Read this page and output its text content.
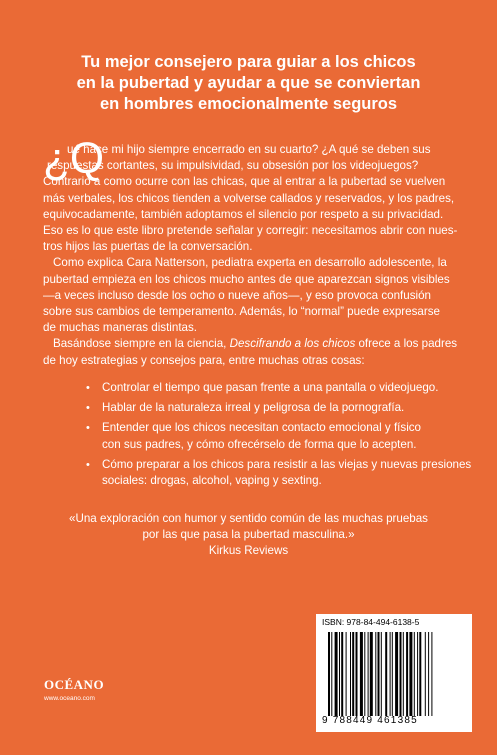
Tu mejor consejero para guiar a los chicos
en la pubertad y ayudar a que se conviertan
en hombres emocionalmente seguros
¿Q
ué hace mi hijo siempre encerrado en su cuarto? ¿A qué se deben sus
respuestas cortantes, su impulsividad, su obsesión por los videojuegos?
Contrario a como ocurre con las chicas, que al entrar a la pubertad se vuelven
más verbales, los chicos tienden a volverse callados y reservados, y los padres,
equivocadamente, también adoptamos el silencio por respeto a su privacidad.
Eso es lo que este libro pretende señalar y corregir: necesitamos abrir con nues-
tros hijos las puertas de la conversación.
Como explica Cara Natterson, pediatra experta en desarrollo adolescente, la
pubertad empieza en los chicos mucho antes de que aparezcan signos visibles
—a veces incluso desde los ocho o nueve años—, y eso provoca confusión
sobre sus cambios de temperamento. Además, lo “normal” puede expresarse
de muchas maneras distintas.
Basándose siempre en la ciencia, Descifrando a los chicos ofrece a los padres
de hoy estrategias y consejos para, entre muchas otras cosas:
• Controlar el tiempo que pasan frente a una pantalla o videojuego.
• Hablar de la naturaleza irreal y peligrosa de la pornografía.
• Entender que los chicos necesitan contacto emocional y físico
con sus padres, y cómo ofrecérselo de forma que lo acepten.
• Cómo preparar a los chicos para resistir a las viejas y nuevas presiones
sociales: drogas, alcohol, vaping y sexting.
«Una exploración con humor y sentido común de las muchas pruebas
por las que pasa la pubertad masculina.»
Kirkus Reviews
OCÉANO
www.oceano.com
ISBN: 978-84-494-6138-5
9 788449 461385
